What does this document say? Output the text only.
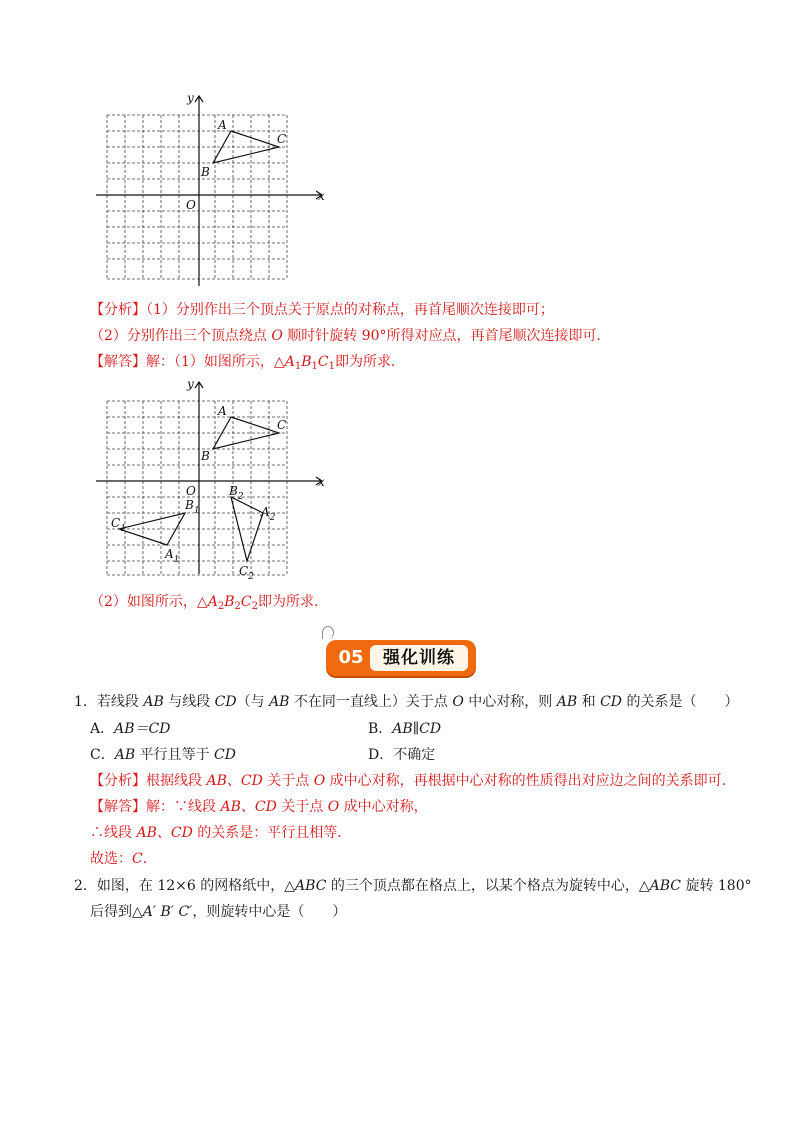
y
x
A
B
C
O
【分析】（1）分别作出三个顶点关于原点的对称点，再首尾顺次连接即可；
（2）分别作出三个顶点绕点 O 顺时针旋转 90°所得对应点，再首尾顺次连接即可．
【解答】解：（1）如图所示，$\triangle A_1B_1C_1$即为所求．
y
x
A
B
C
O
$B_1$
$C_1$
$A_1$
$B_2$
$A_2$
$C_2$
（2）如图所示，$\triangle A_2B_2C_2$即为所求．
05	强化训练
1．若线段 AB 与线段 CD（与 AB 不在同一直线上）关于点 O 中心对称，则 AB 和 CD 的关系是（　　）
A．AB＝CD	B．AB∥CD
C．AB 平行且等于 CD	D．不确定
【分析】根据线段 AB、CD 关于点 O 成中心对称，再根据中心对称的性质得出对应边之间的关系即可．
【解答】解：∵线段 AB、CD 关于点 O 成中心对称，
∴线段 AB、CD 的关系是：平行且相等．
故选：C．
2．如图，在 12×6 的网格纸中，△ABC 的三个顶点都在格点上，以某个格点为旋转中心，△ABC 旋转 180°
后得到△A′ B′ C′，则旋转中心是（　　）
